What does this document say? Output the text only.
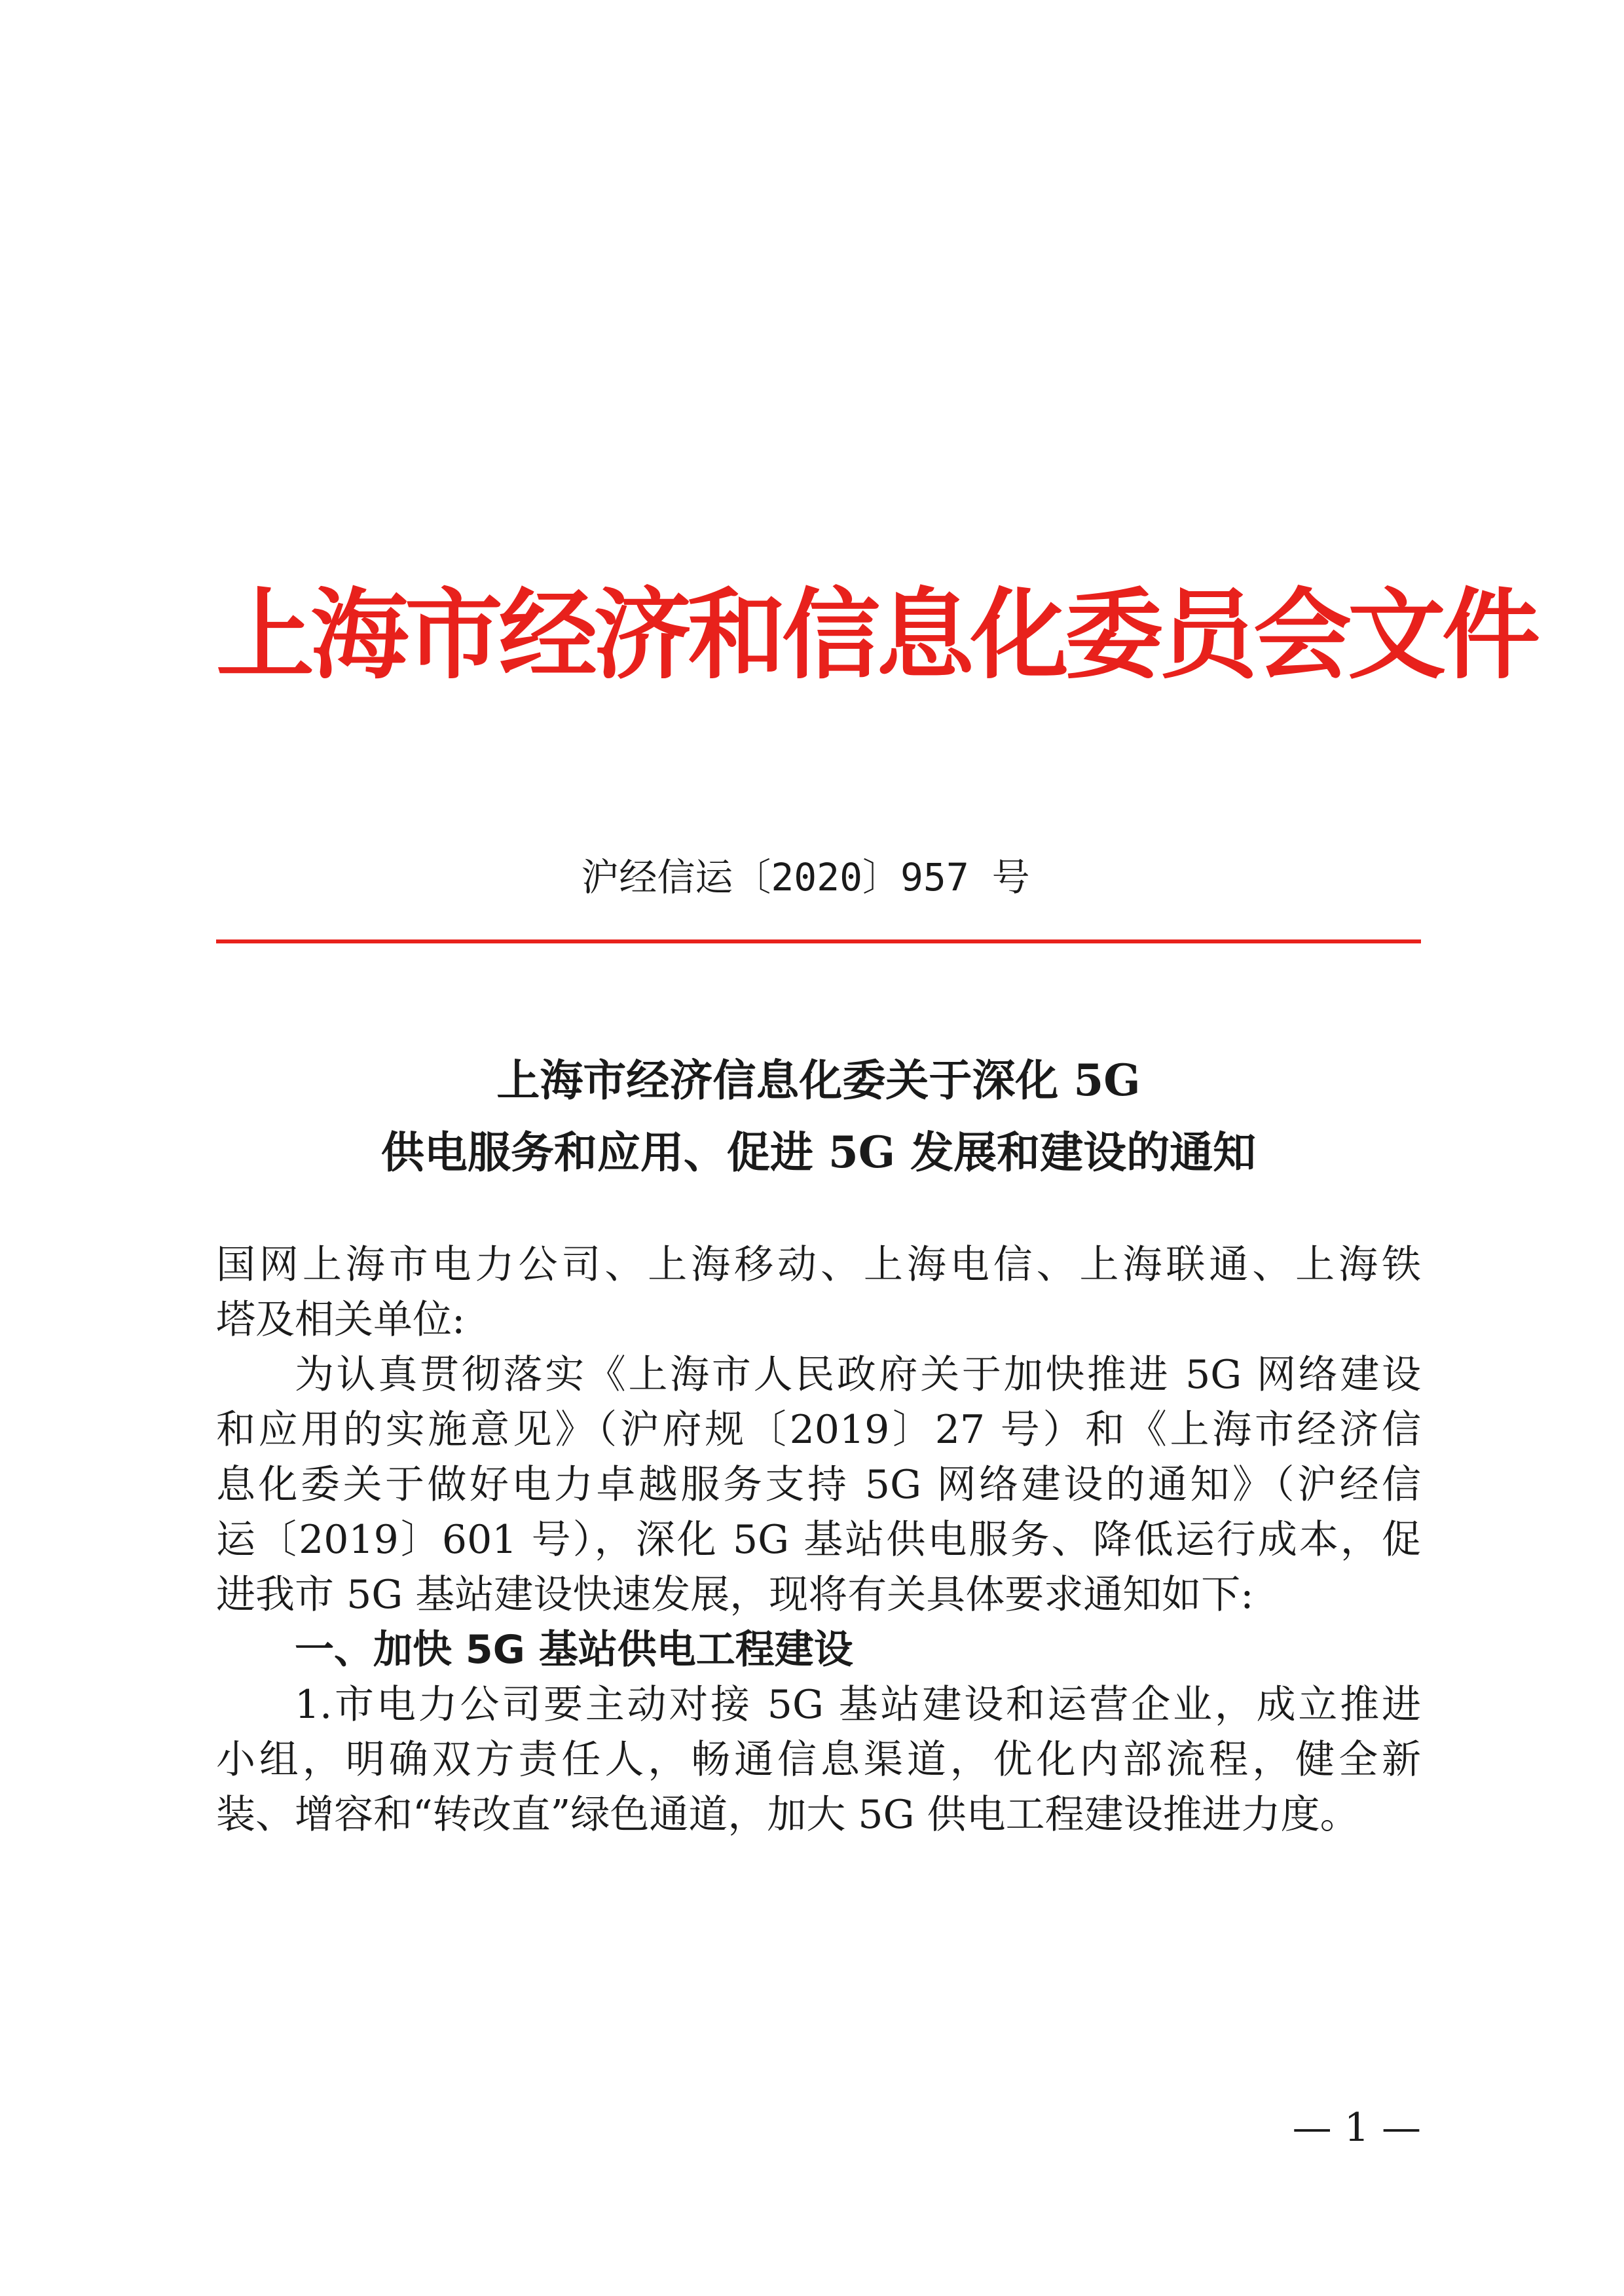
上海市经济和信息化委员会文件
沪经信运〔2020〕957 号
上海市经济信息化委关于深化 5G
供电服务和应用、促进 5G 发展和建设的通知
国网上海市电力公司、上海移动、上海电信、上海联通、上海铁
塔及相关单位:
为认真贯彻落实《上海市人民政府关于加快推进 5G 网络建设
和应用的实施意见》（沪府规〔2019〕27 号）和《上海市经济信
息化委关于做好电力卓越服务支持 5G 网络建设的通知》（沪经信
运〔2019〕601 号），深化 5G 基站供电服务、降低运行成本，促
进我市 5G 基站建设快速发展，现将有关具体要求通知如下:
一、加快 5G 基站供电工程建设
1.市电力公司要主动对接 5G 基站建设和运营企业，成立推进
小组，明确双方责任人，畅通信息渠道，优化内部流程，健全新
装、增容和“转改直”绿色通道，加大 5G 供电工程建设推进力度。
— 1 —
